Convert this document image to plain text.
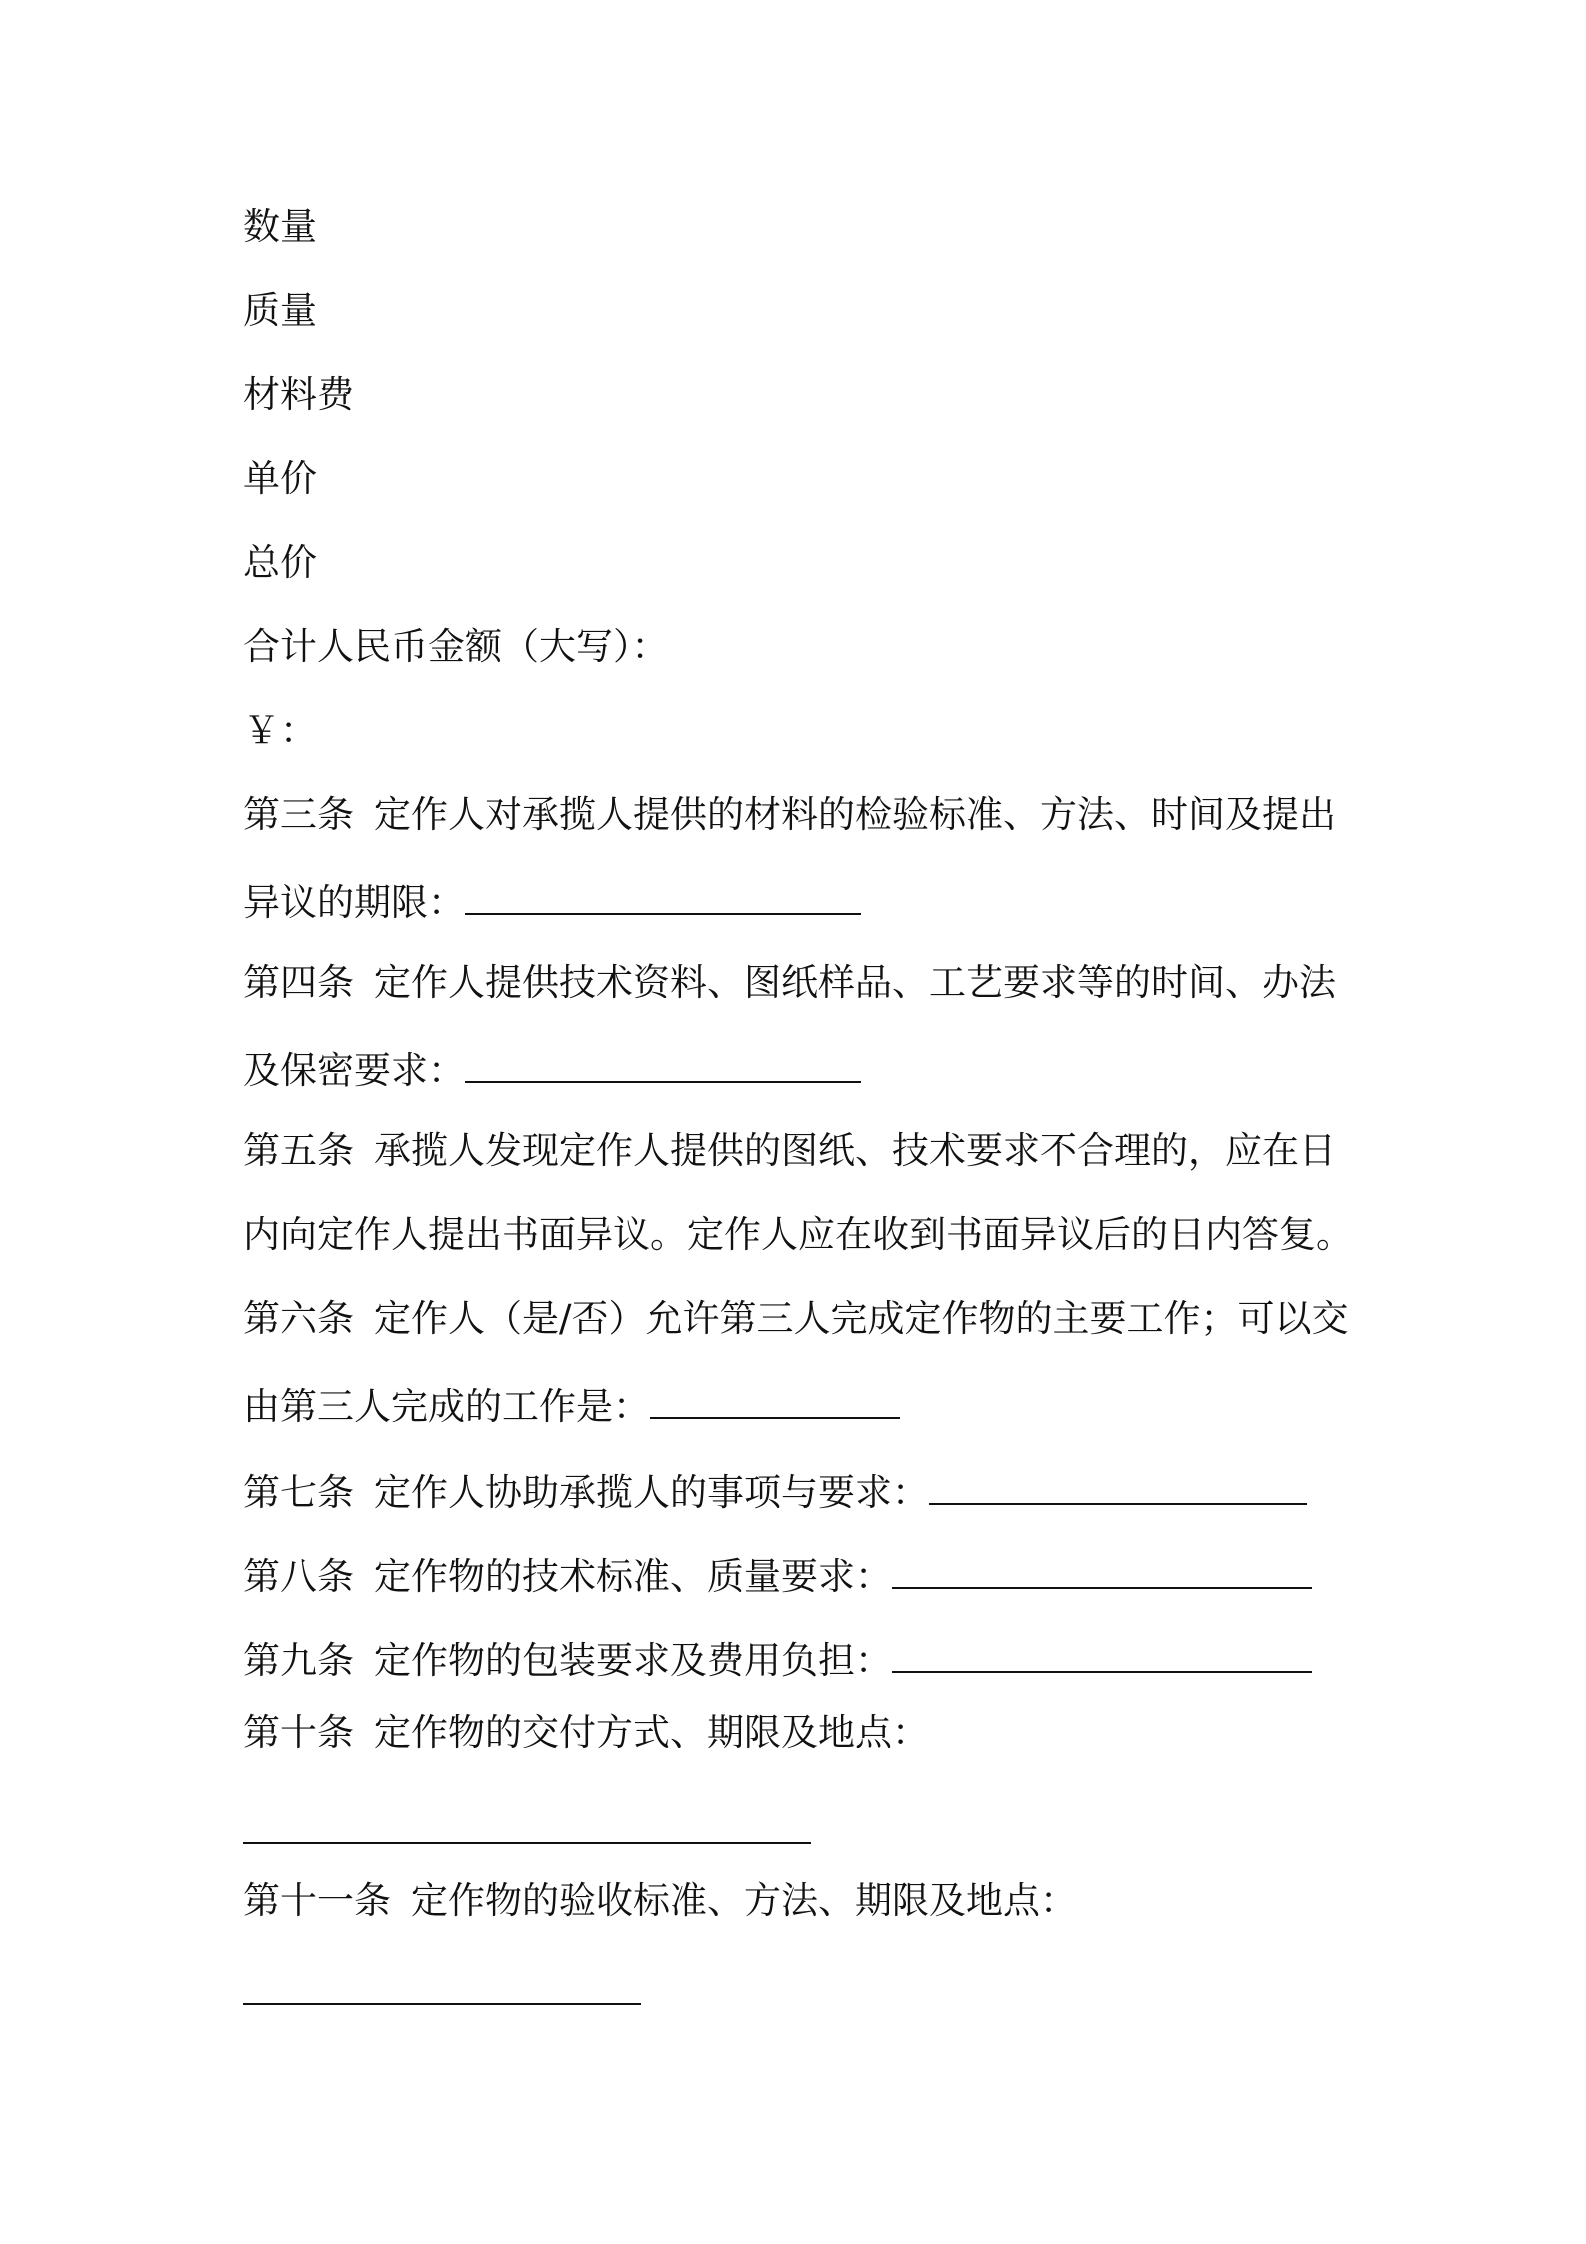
数量
质量
材料费
单价
总价
合计人民币金额（大写）：
￥：
第三条 定作人对承揽人提供的材料的检验标准、方法、时间及提出
异议的期限：
第四条 定作人提供技术资料、图纸样品、工艺要求等的时间、办法
及保密要求：
第五条 承揽人发现定作人提供的图纸、技术要求不合理的，应在日
内向定作人提出书面异议。定作人应在收到书面异议后的日内答复。
第六条 定作人（是/否）允许第三人完成定作物的主要工作；可以交
由第三人完成的工作是：
第七条 定作人协助承揽人的事项与要求：
第八条 定作物的技术标准、质量要求：
第九条 定作物的包装要求及费用负担：
第十条 定作物的交付方式、期限及地点：
第十一条 定作物的验收标准、方法、期限及地点：
